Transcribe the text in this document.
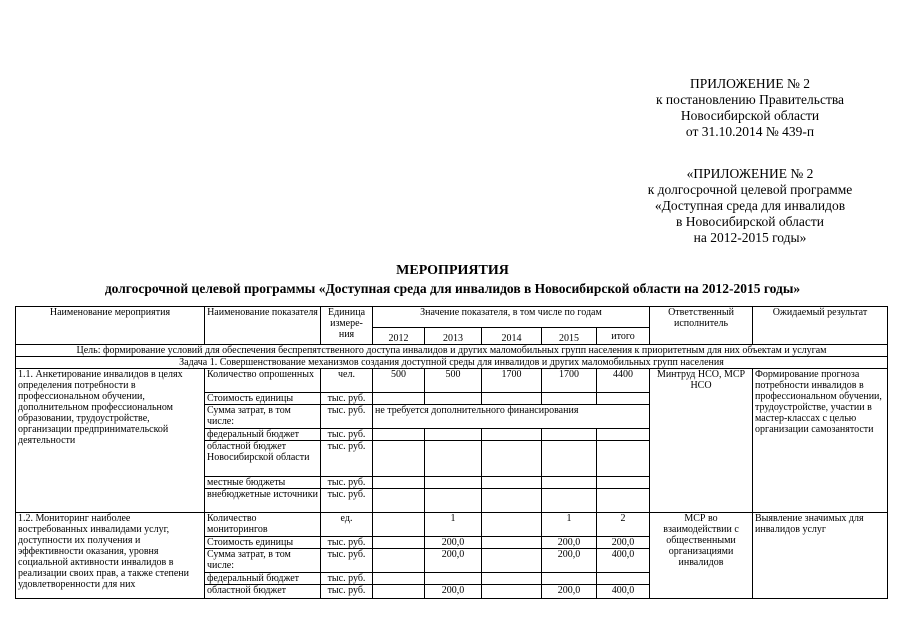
ПРИЛОЖЕНИЕ № 2
к постановлению Правительства
Новосибирской области
от 31.10.2014 № 439-п
«ПРИЛОЖЕНИЕ № 2
к долгосрочной целевой программе
«Доступная среда для инвалидов
в Новосибирской области
на 2012-2015 годы»
МЕРОПРИЯТИЯ
долгосрочной целевой программы «Доступная среда для инвалидов в Новосибирской области на 2012-2015 годы»
Наименование мероприятия	Наименование показателя	Единица измере-ния	Значение показателя, в том числе по годам					Ответственный исполнитель	Ожидаемый результат
			2012	2013	2014	2015	итого		
Цель: формирование условий для обеспечения беспрепятственного доступа инвалидов и других маломобильных групп населения к приоритетным для них объектам и услугам									
Задача 1. Совершенствование механизмов создания доступной среды для инвалидов и других маломобильных групп населения									
1.1. Анкетирование инвалидов в целях определения потребности в профессиональном обучении, дополнительном профессиональном образовании, трудоустройстве, организации предпринимательской деятельности	Количество опрошенных	чел.	500	500	1700	1700	4400	Минтруд НСО, МСР НСО	Формирование прогноза потребности инвалидов в профессиональном обучении, трудоустройстве, участии в мастер-классах с целью организации самозанятости
	Стоимость единицы	тыс. руб.							
	Сумма затрат, в том числе:	тыс. руб.	не требуется дополнительного финансирования						
	федеральный бюджет	тыс. руб.							
	областной бюджет Новосибирской области	тыс. руб.							
	местные бюджеты	тыс. руб.							
	внебюджетные источники	тыс. руб.							
1.2. Мониторинг наиболее востребованных инвалидами услуг, доступности их получения и эффективности оказания, уровня социальной активности инвалидов в реализации своих прав, а также степени удовлетворенности для них	Количество мониторингов	ед.		1		1	2	МСР во взаимодействии с общественными организациями инвалидов	Выявление значимых для инвалидов услуг
	Стоимость единицы	тыс. руб.		200,0		200,0	200,0		
	Сумма затрат, в том числе:	тыс. руб.		200,0		200,0	400,0		
	федеральный бюджет	тыс. руб.							
	областной бюджет	тыс. руб.		200,0		200,0	400,0		
